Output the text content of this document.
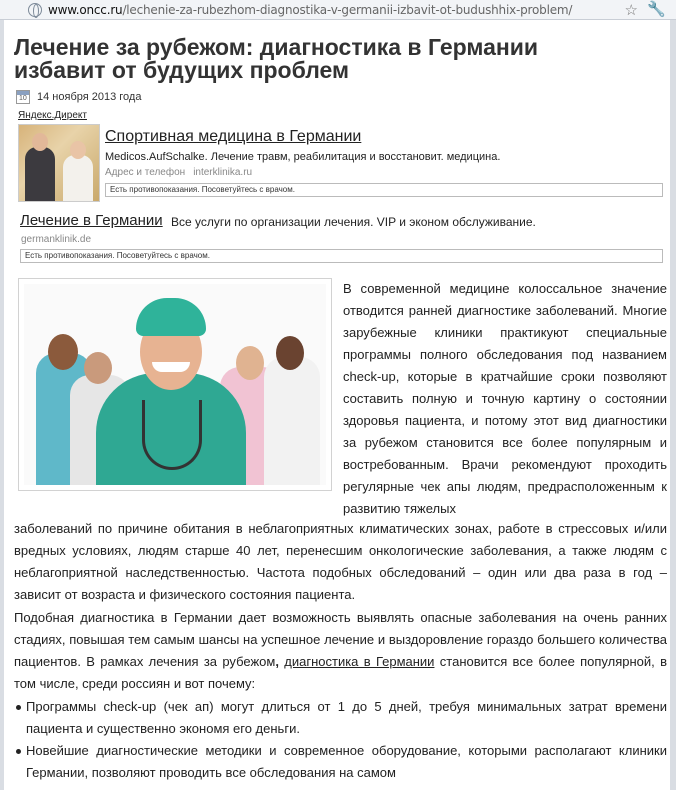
www.oncc.ru/lechenie-za-rubezhom-diagnostika-v-germanii-izbavit-ot-budushhix-problem/	☆ 🔧
Лечение за рубежом: диагностика в Германии избавит от будущих проблем
10
14 ноября 2013 года
Яндекс.Директ
Спортивная медицина в Германии
Medicos.AufSchalke. Лечение травм, реабилитация и восстановит. медицина.
Адрес и телефон interklinika.ru
Есть противопоказания. Посоветуйтесь с врачом.
Лечение в Германии Все услуги по организации лечения. VIP и эконом обслуживание.
germanklinik.de
Есть противопоказания. Посоветуйтесь с врачом.
В современной медицине колоссальное значение отводится ранней диагностике заболеваний. Многие зарубежные клиники практикуют специальные программы полного обследования под названием check-up, которые в кратчайшие сроки позволяют составить полную и точную картину о состоянии здоровья пациента, и потому этот вид диагностики за рубежом становится все более популярным и востребованным. Врачи рекомендуют проходить регулярные чек апы людям, предрасположенным к развитию тяжелых
заболеваний по причине обитания в неблагоприятных климатических зонах, работе в стрессовых и/или вредных условиях, людям старше 40 лет, перенесшим онкологические заболевания, а также людям с неблагоприятной наследственностью. Частота подобных обследований – один или два раза в год – зависит от возраста и физического состояния пациента.
Подобная диагностика в Германии дает возможность выявлять опасные заболевания на очень ранних стадиях, повышая тем самым шансы на успешное лечение и выздоровление гораздо большего количества пациентов. В рамках лечения за рубежом, диагностика в Германии становится все более популярной, в том числе, среди россиян и вот почему:
Программы check-up (чек ап) могут длиться от 1 до 5 дней, требуя минимальных затрат времени пациента и существенно экономя его деньги.
Новейшие диагностические методики и современное оборудование, которыми располагают клиники Германии, позволяют проводить все обследования на самом
